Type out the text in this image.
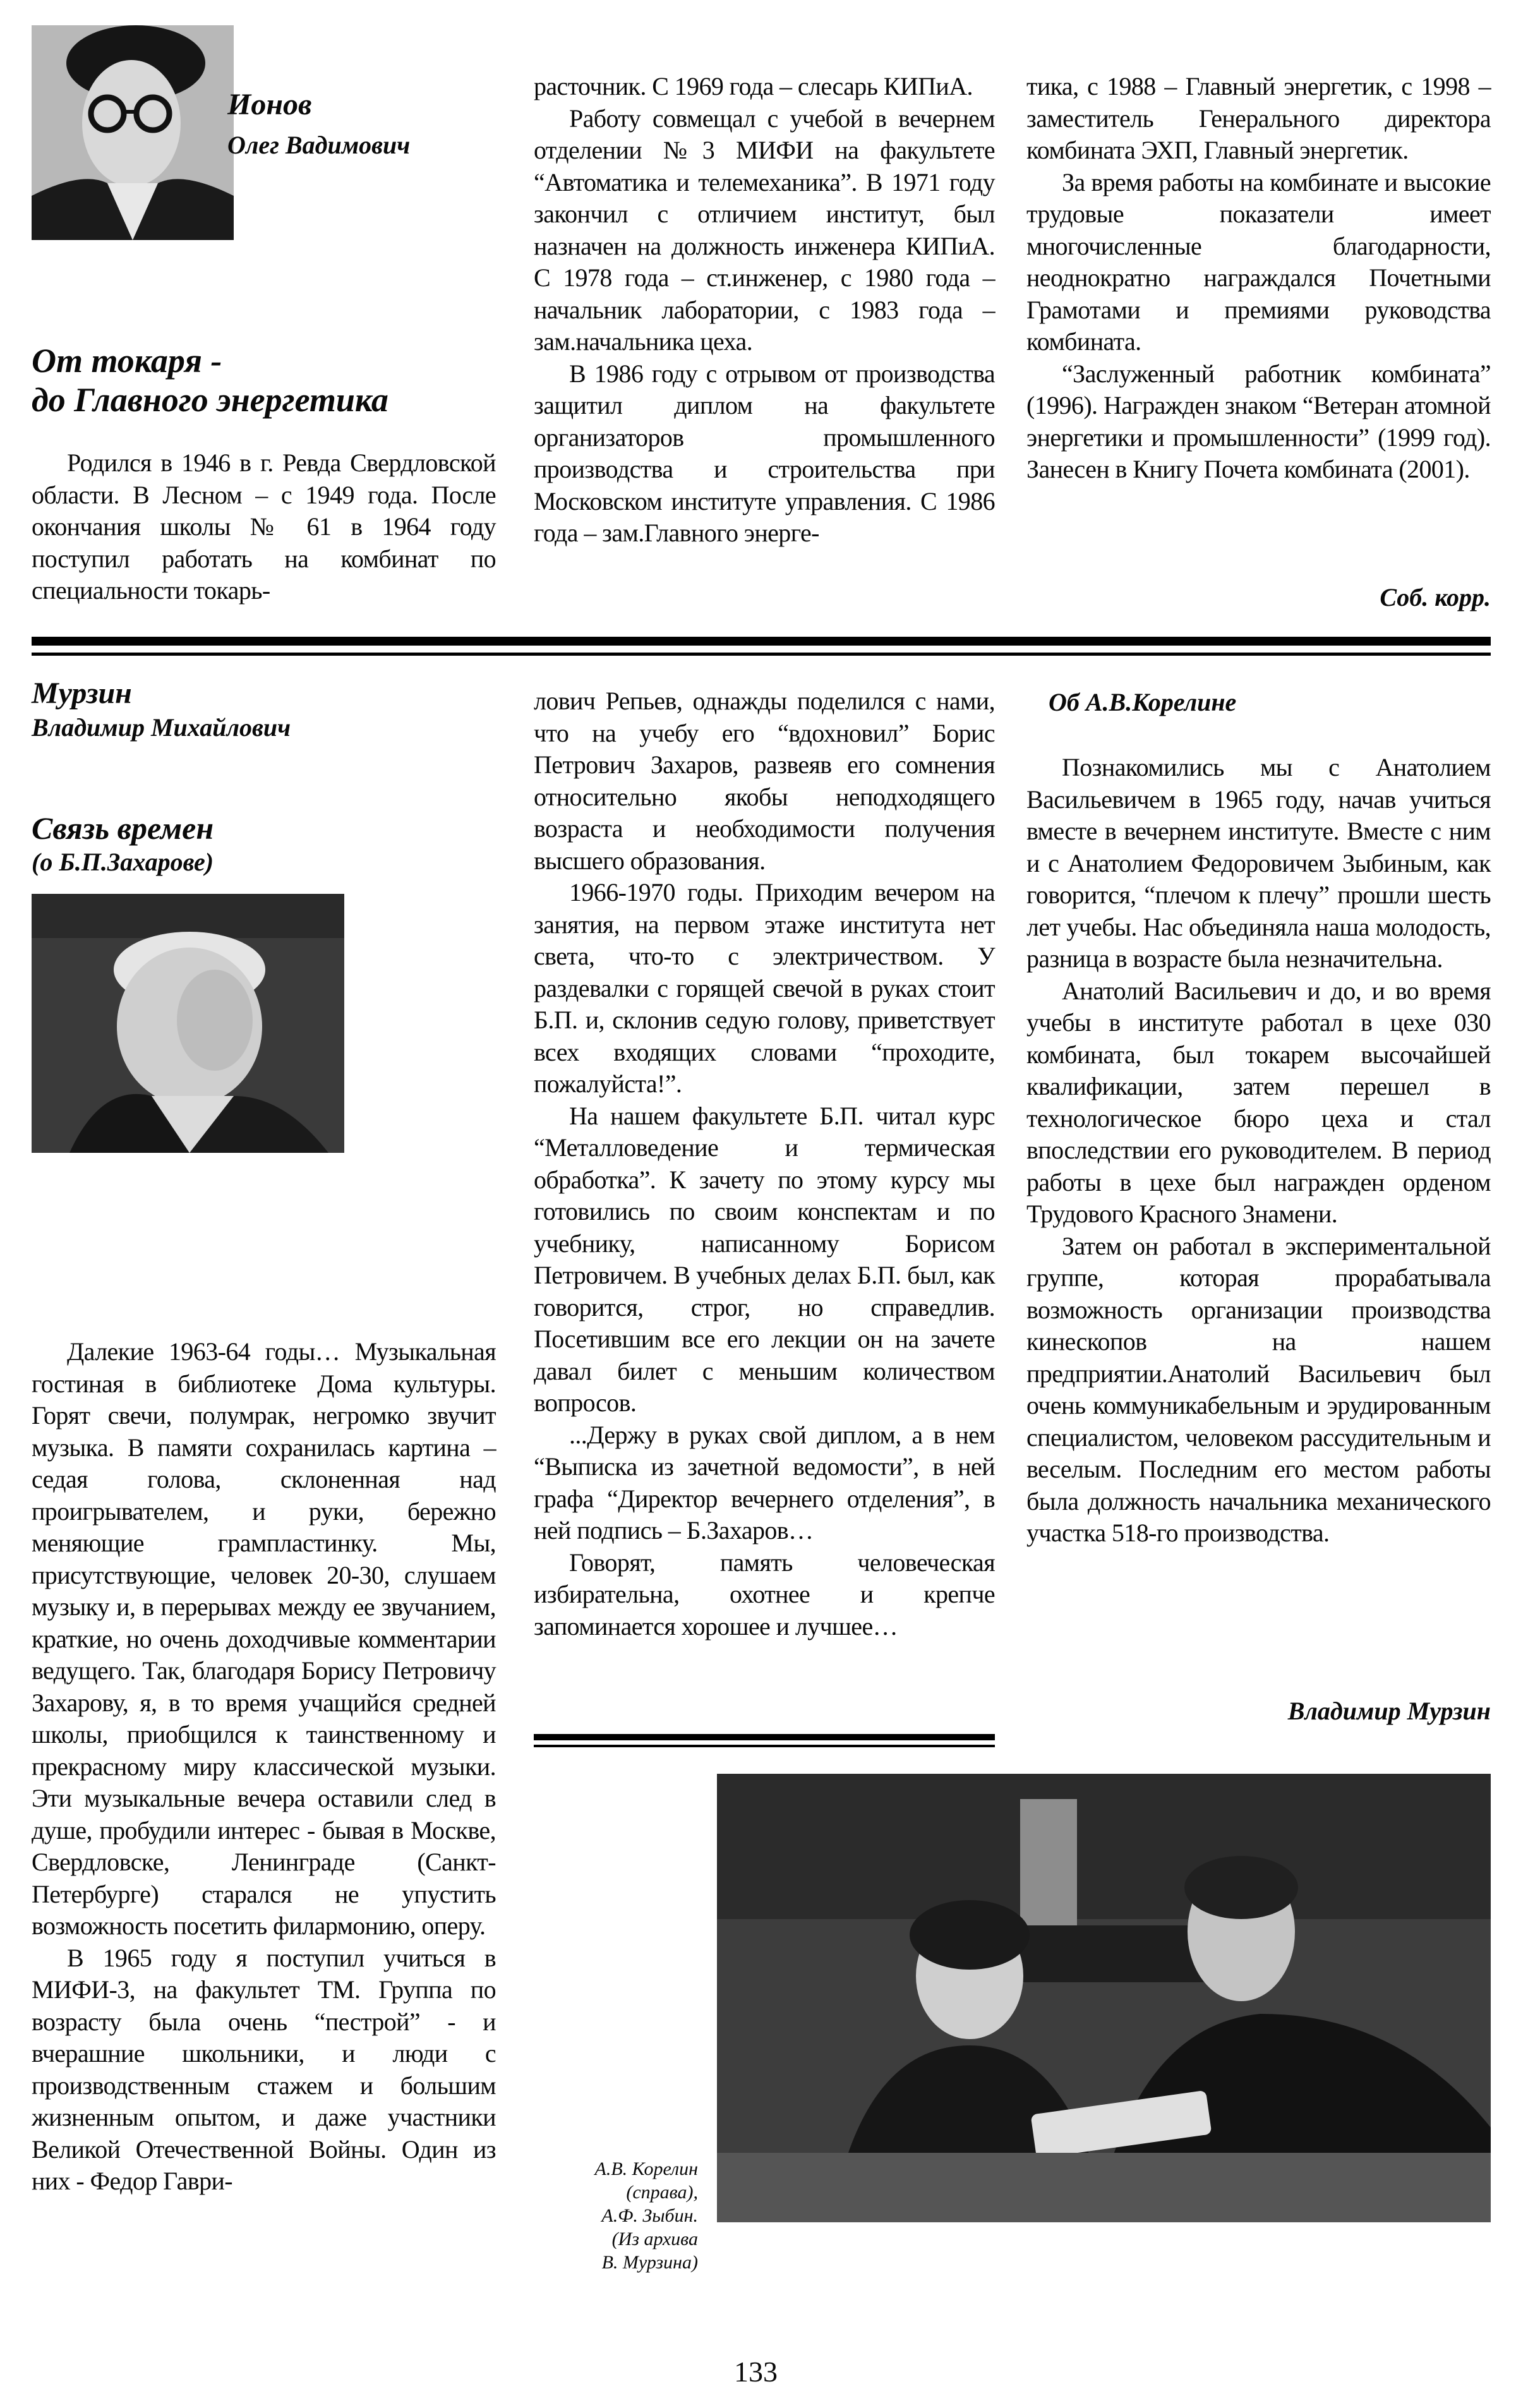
Ионов
Олег Вадимович
От токаря -
до Главного энергетика

Родился в 1946 в г. Ревда Свердловской области. В Лесном – с 1949 года. После окончания школы № 61 в 1964 году поступил работать на комбинат по специальности токарь-

расточник. С 1969 года – слесарь КИПиА.

Работу совмещал с учебой в вечернем отделении №3 МИФИ на факультете “Автоматика и телемеханика”. В 1971 году закончил с отличием институт, был назначен на должность инженера КИПиА. С 1978 года – ст.инженер, с 1980 года – начальник лаборатории, с 1983 года – зам.начальника цеха.

В 1986 году с отрывом от производства защитил диплом на факультете организаторов промышленного производства и строительства при Московском институте управления. С 1986 года – зам.Главного энерге-

тика, с 1988 – Главный энергетик, с 1998 – заместитель Генерального директора комбината ЭХП, Главный энергетик.

За время работы на комбинате и высокие трудовые показатели имеет многочисленные благодарности, неоднократно награждался Почетными Грамотами и премиями руководства комбината.

“Заслуженный работник комбината” (1996). Награжден знаком “Ветеран атомной энергетики и промышленности” (1999 год). Занесен в Книгу Почета комбината (2001).

Соб. корр.
Мурзин
Владимир Михайлович
Связь времен
(о Б.П.Захарове)

Далекие 1963-64 годы… Музыкальная гостиная в библиотеке Дома культуры. Горят свечи, полумрак, негромко звучит музыка. В памяти сохранилась картина – седая голова, склоненная над проигрывателем, и руки, бережно меняющие грампластинку. Мы, присутствующие, человек 20-30, слушаем музыку и, в перерывах между ее звучанием, краткие, но очень доходчивые комментарии ведущего. Так, благодаря Борису Петровичу Захарову, я, в то время учащийся средней школы, приобщился к таинственному и прекрасному миру классической музыки. Эти музыкальные вечера оставили след в душе, пробудили интерес - бывая в Москве, Свердловске, Ленинграде (Санкт-Петербурге) старался не упустить возможность посетить филармонию, оперу.

В 1965 году я поступил учиться в МИФИ-3, на факультет ТМ. Группа по возрасту была очень “пестрой” - и вчерашние школьники, и люди с производственным стажем и большим жизненным опытом, и даже участники Великой Отечественной Войны. Один из них - Федор Гаври-

лович Репьев, однажды поделился с нами, что на учебу его “вдохновил” Борис Петрович Захаров, развеяв его сомнения относительно якобы неподходящего возраста и необходимости получения высшего образования.

1966-1970 годы. Приходим вечером на занятия, на первом этаже института нет света, что-то с электричеством. У раздевалки с горящей свечой в руках стоит Б.П. и, склонив седую голову, приветствует всех входящих словами “проходите, пожалуйста!”.

На нашем факультете Б.П. читал курс “Металловедение и термическая обработка”. К зачету по этому курсу мы готовились по своим конспектам и по учебнику, написанному Борисом Петровичем. В учебных делах Б.П. был, как говорится, строг, но справедлив. Посетившим все его лекции он на зачете давал билет с меньшим количеством вопросов.

...Держу в руках свой диплом, а в нем “Выписка из зачетной ведомости”, в ней графа “Директор вечернего отделения”, в ней подпись – Б.Захаров…

Говорят, память человеческая избирательна, охотнее и крепче запоминается хорошее и лучшее…

Об А.В.Корелине

Познакомились мы с Анатолием Васильевичем в 1965 году, начав учиться вместе в вечернем институте. Вместе с ним и с Анатолием Федоровичем Зыбиным, как говорится, “плечом к плечу” прошли шесть лет учебы. Нас объединяла наша молодость, разница в возрасте была незначительна.

Анатолий Васильевич и до, и во время учебы в институте работал в цехе 030 комбината, был токарем высочайшей квалификации, затем перешел в технологическое бюро цеха и стал впоследствии его руководителем. В период работы в цехе был награжден орденом Трудового Красного Знамени.

Затем он работал в экспериментальной группе, которая прорабатывала возможность организации производства кинескопов на нашем предприятии.Анатолий Васильевич был очень коммуникабельным и эрудированным специалистом, человеком рассудительным и веселым. Последним его местом работы была должность начальника механического участка 518-го производства.

Владимир Мурзин
А.В. Корелин
(справа),
А.Ф. Зыбин.
(Из архива
В. Мурзина)
133
